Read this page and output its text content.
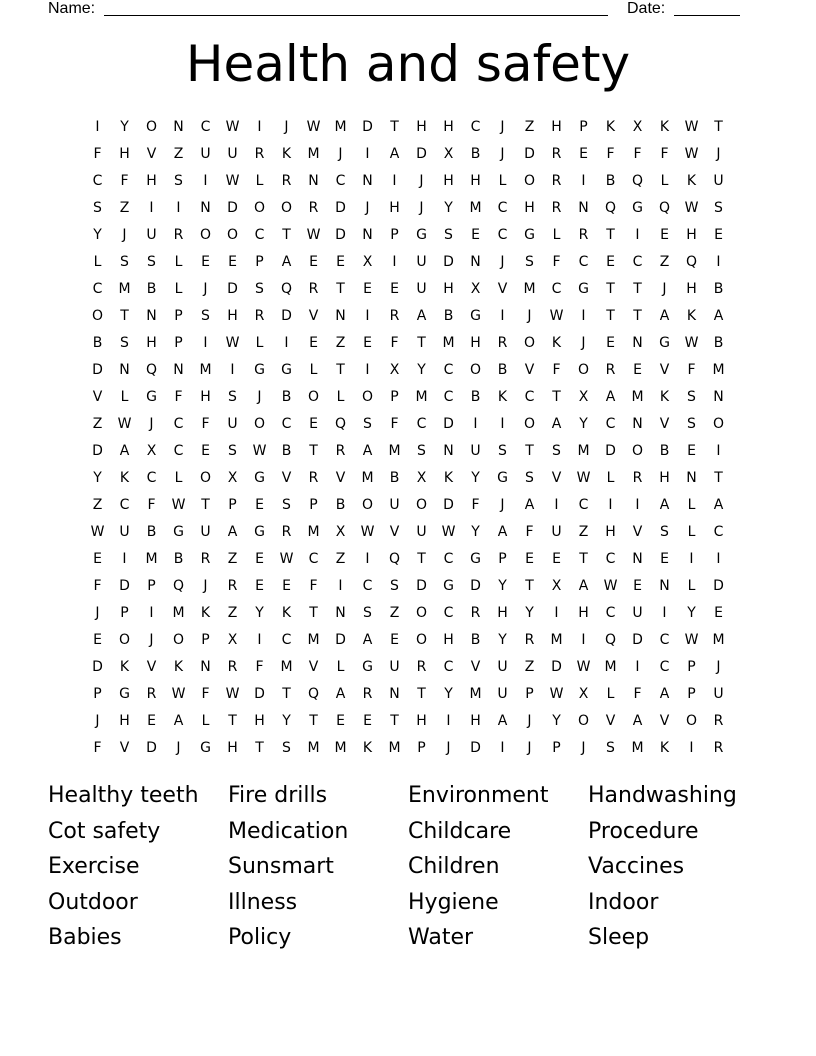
Name:	Date:
Health and safety
I	Y	O	N	C	W	I	J	W	M	D	T	H	H	C	J	Z	H	P	K	X	K	W	T
F	H	V	Z	U	U	R	K	M	J	I	A	D	X	B	J	D	R	E	F	F	F	W	J
C	F	H	S	I	W	L	R	N	C	N	I	J	H	H	L	O	R	I	B	Q	L	K	U
S	Z	I	I	N	D	O	O	R	D	J	H	J	Y	M	C	H	R	N	Q	G	Q	W	S
Y	J	U	R	O	O	C	T	W	D	N	P	G	S	E	C	G	L	R	T	I	E	H	E
L	S	S	L	E	E	P	A	E	E	X	I	U	D	N	J	S	F	C	E	C	Z	Q	I
C	M	B	L	J	D	S	Q	R	T	E	E	U	H	X	V	M	C	G	T	T	J	H	B
O	T	N	P	S	H	R	D	V	N	I	R	A	B	G	I	J	W	I	T	T	A	K	A
B	S	H	P	I	W	L	I	E	Z	E	F	T	M	H	R	O	K	J	E	N	G	W	B
D	N	Q	N	M	I	G	G	L	T	I	X	Y	C	O	B	V	F	O	R	E	V	F	M
V	L	G	F	H	S	J	B	O	L	O	P	M	C	B	K	C	T	X	A	M	K	S	N
Z	W	J	C	F	U	O	C	E	Q	S	F	C	D	I	I	O	A	Y	C	N	V	S	O
D	A	X	C	E	S	W	B	T	R	A	M	S	N	U	S	T	S	M	D	O	B	E	I
Y	K	C	L	O	X	G	V	R	V	M	B	X	K	Y	G	S	V	W	L	R	H	N	T
Z	C	F	W	T	P	E	S	P	B	O	U	O	D	F	J	A	I	C	I	I	A	L	A
W	U	B	G	U	A	G	R	M	X	W	V	U	W	Y	A	F	U	Z	H	V	S	L	C
E	I	M	B	R	Z	E	W	C	Z	I	Q	T	C	G	P	E	E	T	C	N	E	I	I
F	D	P	Q	J	R	E	E	F	I	C	S	D	G	D	Y	T	X	A	W	E	N	L	D
J	P	I	M	K	Z	Y	K	T	N	S	Z	O	C	R	H	Y	I	H	C	U	I	Y	E
E	O	J	O	P	X	I	C	M	D	A	E	O	H	B	Y	R	M	I	Q	D	C	W	M
D	K	V	K	N	R	F	M	V	L	G	U	R	C	V	U	Z	D	W	M	I	C	P	J
P	G	R	W	F	W	D	T	Q	A	R	N	T	Y	M	U	P	W	X	L	F	A	P	U
J	H	E	A	L	T	H	Y	T	E	E	T	H	I	H	A	J	Y	O	V	A	V	O	R
F	V	D	J	G	H	T	S	M	M	K	M	P	J	D	I	J	P	J	S	M	K	I	R
Healthy teeth	Fire drills	Environment	Handwashing
Cot safety	Medication	Childcare	Procedure
Exercise	Sunsmart	Children	Vaccines
Outdoor	Illness	Hygiene	Indoor
Babies	Policy	Water	Sleep
